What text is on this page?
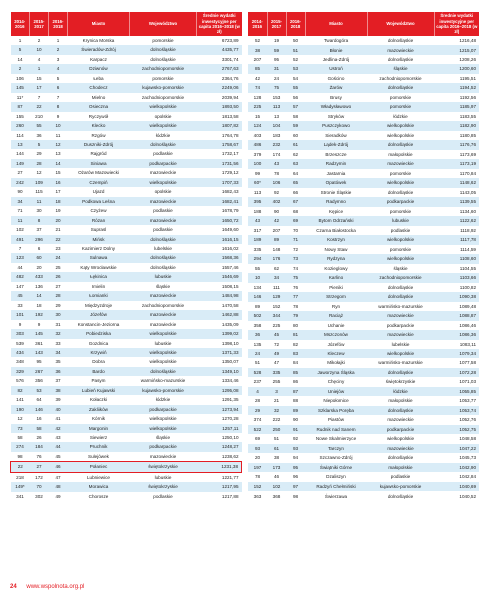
2014-2016	2015-2017	2016-2018	Miasto	Województwo	Średnie wydatki inwestycyjne per capita 2016–2018 (w zł)
1	2	1	Krynica Morska	pomorskie	6723,89
5	10	2	Świeradów-Zdrój	dolnośląskie	4435,77
14	4	3	Karpacz	dolnośląskie	3301,74
2	1	4	Dziwnów	zachodniopomorskie	2767,63
106	15	5	Łeba	pomorskie	2364,76
145	17	6	Chodecz	kujawsko-pomorskie	2249,06
11*	7	7	Mielno	zachodniopomorskie	2039,94
87	22	8	Osieczna	wielkopolskie	1893,50
155	210	9	Ryczywół	opolskie	1813,58
260	55	10	Klecko	wielkopolskie	1807,82
114	36	11	Rzgów	łódzkie	1764,78
13	5	12	Duszniki-Zdrój	dolnośląskie	1758,67
144	29	13	Rajgród	podlaskie	1732,17
149	28	14	Siniawa	podkarpackie	1731,56
27	12	15	Ożarów Mazowiecki	mazowieckie	1729,12
242	109	16	Czempiń	wielkopolskie	1707,33
90	115	17	Ujazd	opolskie	1682,43
34	11	18	Podkowa Leśna	mazowieckie	1682,41
71	30	19	Czyżew	podlaskie	1678,79
11	8	20	Rózan	mazowieckie	1650,72
102	37	21	Suprasl	podlaskie	1649,60
491	296	22	Mińsk	dolnośląskie	1616,15
7	6	23	Kazimierz Dolny	lubelskie	1616,02
123	60	24	Sulnawa	dolnośląskie	1568,36
44	20	25	Kąty Wrocławskie	dolnośląskie	1557,46
482	433	26	Łękinica	lubuskie	1546,69
147	136	27	Imielin	śląskie	1508,15
45	14	28	Łomianki	mazowieckie	1484,98
33	18	29	Międzyzdroje	zachodniopomorskie	1470,58
101	192	30	Józefów	mazowieckie	1462,88
9	9	31	Konstancin-Jeziorna	mazowieckie	1435,09
303	145	32	Pobiedziska	wielkopolskie	1399,02
539	361	33	Gozdnica	lubuskie	1398,10
434	143	34	Krzywiń	wielkopolskie	1371,33
348	95	35	Dobra	wielkopolskie	1350,07
329	267	36	Bardo	dolnośląskie	1349,10
576	356	37	Pasym	warmińsko-mazurskie	1334,46
82	53	38	Lubień Kujawski	kujawsko-pomorskie	1295,08
141	64	39	Kołaczki	łódzkie	1291,35
190	146	40	Zakliików	podkarpackie	1273,94
12	16	41	Kórnik	wielkopolskie	1270,28
73	58	42	Margonin	wielkopolskie	1257,11
58	26	43	Siewierz	śląskie	1250,10
274	184	44	Pruchnik	podkarpackie	1248,27
98	76	45	Sulejówek	mazowieckie	1238,62
22	27	46	Połaniec	świętokrzyskie	1231,38
218	172	47	Lubniewice	lubuskie	1221,77
149*	70	48	Morawica	świętokrzyskie	1217,95
341	302	49	Chorosze	podlaskie	1217,88
2014-2016	2015-2017	2016-2018	Miasto	Województwo	Średnie wydatki inwestycyjne per capita 2016–2018 (w zł)
52	19	50	Twardogóra	dolnośląskie	1216,48
38	59	51	Błonie	mazowieckie	1215,07
207	95	52	Jedlina-Zdrój	dolnośląskie	1208,26
85	31	53	Ustroń	śląskie	1200,60
42	24	54	Gościno	zachodniopomorskie	1195,51
74	75	55	Żarów	dolnośląskie	1194,52
128	153	56	Brusy	pomorskie	1192,56
225	113	57	Władysławowo	pomorskie	1185,97
15	13	58	Stryków	łódzkie	1183,55
124	104	59	Puszczykowo	wielkopolskie	1182,90
403	183	60	Sieradków	wielkopolskie	1180,85
486	232	61	Lądek-Zdrój	dolnośląskie	1176,76
379	174	62	Brzeszcze	małopolskie	1173,69
100	43	63	Radzymin	mazowieckie	1173,19
99	78	64	Jastarnia	pomorskie	1170,84
60*	106	65	Opatówek	wielkopolskie	1148,62
113	92	66	Stronie Śląskie	dolnośląskie	1143,05
395	402	67	Radymno	podkarpackie	1139,55
188	90	68	Kępice	pomorskie	1134,60
43	42	69	Bytom Odrzański	lubuskie	1122,62
317	207	70	Czarna Białostocka	podlaskie	1118,92
189	89	71	Kostrzyn	wielkopolskie	1117,78
335	148	72	Nowy Staw	pomorskie	1114,59
294	176	73	Rydzyna	wielkopolskie	1108,60
55	62	74	Kozieglowy	śląskie	1104,55
10	34	75	Karlino	zachodniopomorskie	1103,66
134	111	76	Pieniki	dolnośląskie	1100,82
146	129	77	Strzegom	dolnośląskie	1090,38
89	152	78	Ryn	warmińsko-mazurskie	1089,48
502	344	79	Raciąż	mazowieckie	1088,87
358	225	80	Uchanie	podkarpackie	1086,46
36	45	81	Mszczonów	mazowieckie	1086,36
135	72	82	Józefów	lubelskie	1083,11
24	49	83	Kleczew	wielkopolskie	1079,34
51	47	84	Mikołajki	warmińsko-mazurskie	1077,58
528	335	85	Jaworzyna Śląska	dolnośląskie	1072,28
237	255	86	Chęciny	świętokrzyskie	1071,03
4	3	87	Uniejów	łódzkie	1055,85
28	21	88	Niepołomice	małopolskie	1053,77
29	32	89	Szklarska Poręba	dolnośląskie	1053,74
374	222	90	Piastów	mazowieckie	1052,76
522	250	91	Rudnik nad Sanem	podkarpackie	1052,75
69	51	92	Nowe Skalmierzyce	wielkopolskie	1048,58
93	61	93	Tarczyn	mazowieckie	1047,22
20	38	94	Szczawno-Zdrój	dolnośląskie	1045,73
197	173	95	Świątniki Górne	małopolskie	1042,90
78	46	96	Dzaliszyn	podlaskie	1042,84
152	102	97	Radzyń Chełmiński	kujawsko-pomorskie	1040,69
363	368	98	Świerzawa	dolnośląskie	1040,52
24 www.wspolnota.org.pl
